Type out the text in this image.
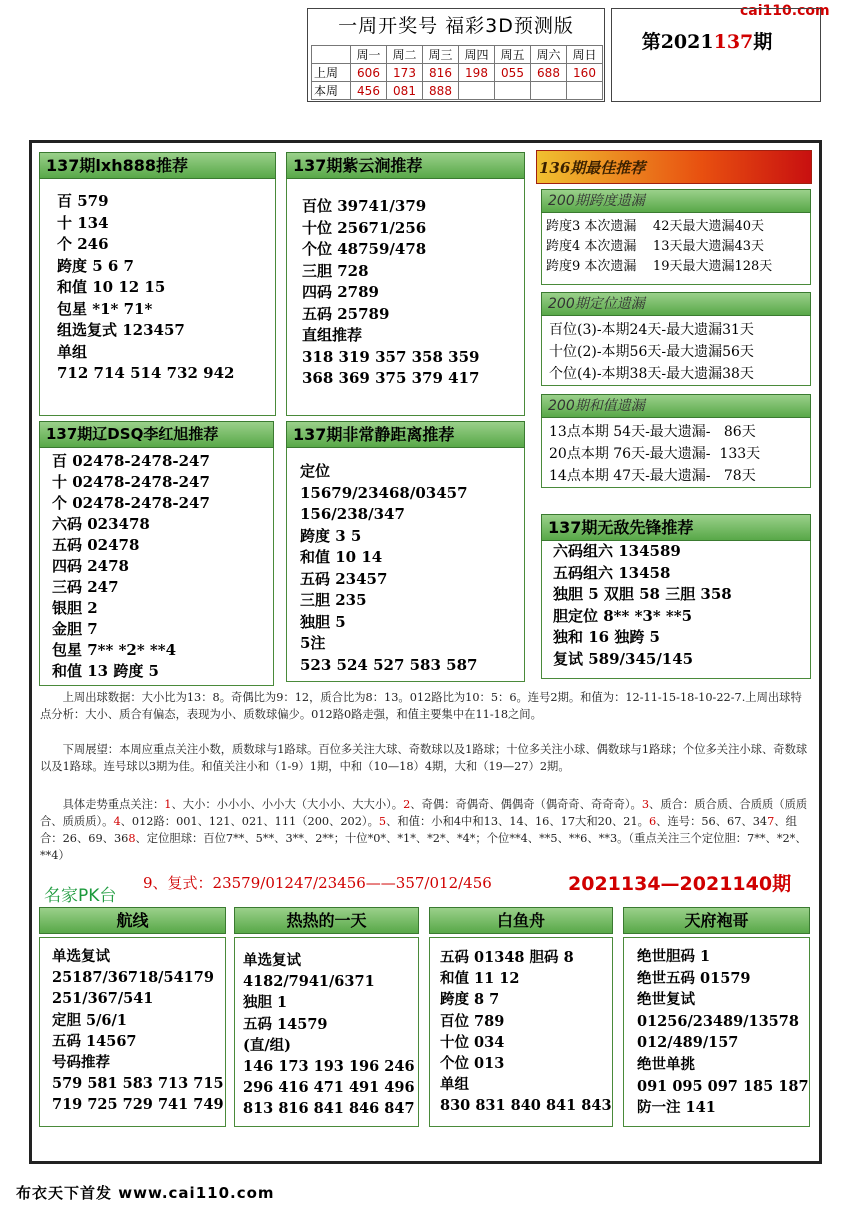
cai110.com
一周开奖号 福彩3D预测版
	周一	周二	周三	周四	周五	周六	周日
上周	606	173	816	198	055	688	160
本周	456	081	888				
第2021137期
137期lxh888推荐
百 579
十 134
个 246
跨度 5 6 7
和值 10 12 15
包星 *1* 71*
组选复式 123457
单组
712 714 514 732 942
137期紫云涧推荐
百位 39741/379
十位 25671/256
个位 48759/478
三胆 728
四码 2789
五码 25789
直组推荐
318 319 357 358 359
368 369 375 379 417
136期最佳推荐
200期跨度遗漏
跨度3 本次遗漏    42天最大遗漏40天
跨度4 本次遗漏    13天最大遗漏43天
跨度9 本次遗漏    19天最大遗漏128天
200期定位遗漏
百位(3)-本期24天-最大遗漏31天
十位(2)-本期56天-最大遗漏56天
个位(4)-本期38天-最大遗漏38天
200期和值遗漏
13点本期 54天-最大遗漏-   86天
20点本期 76天-最大遗漏-  133天
14点本期 47天-最大遗漏-   78天
137期辽DSQ李红旭推荐
百 02478-2478-247
十 02478-2478-247
个 02478-2478-247
六码 023478
五码 02478
四码 2478
三码 247
银胆 2
金胆 7
包星 7** *2* **4
和值 13 跨度 5
137期非常静距离推荐
定位
15679/23468/03457
156/238/347
跨度 3 5
和值 10 14
五码 23457
三胆 235
独胆 5
5注
523 524 527 583 587
137期无敌先锋推荐
六码组六 134589
五码组六 13458
独胆 5 双胆 58 三胆 358
胆定位 8** *3* **5
独和 16 独跨 5
复试 589/345/145
上周出球数据：大小比为13：8。奇偶比为9：12，质合比为8：13。012路比为10：5：6。连号2期。和值为：12-11-15-18-10-22-7.上周出球特点分析：大小、质合有偏态，表现为小、质数球偏少。012路0路走强，和值主要集中在11-18之间。
下周展望：本周应重点关注小数，质数球与1路球。百位多关注大球、奇数球以及1路球；十位多关注小球、偶数球与1路球；个位多关注小球、奇数球以及1路球。连号球以3期为佳。和值关注小和（1-9）1期，中和（10—18）4期，大和（19—27）2期。
具体走势重点关注：1、大小：小小小、小小大（大小小、大大小）。2、奇偶：奇偶奇、偶偶奇（偶奇奇、奇奇奇）。3、质合：质合质、合质质（质质合、质质质）。4、012路：001、121、021、111（200、202）。5、和值：小和4中和13、14、16、17大和20、21。6、连号：56、67、347、组合：26、69、368、定位胆球：百位7**、5**、3**、2**；十位*0*、*1*、*2*、*4*；个位**4、**5、**6、**3。（重点关注三个定位胆：7**、*2*、**4）
名家PK台
9、复式：23579/01247/23456——357/012/456	2021134—2021140期
航线
单选复试
25187/36718/54179
251/367/541
定胆 5/6/1
五码 14567
号码推荐
579 581 583 713 715
719 725 729 741 749
热热的一天
单选复试
4182/7941/6371
独胆 1
五码 14579
(直/组)
146 173 193 196 246
296 416 471 491 496
813 816 841 846 847
白鱼舟
五码 01348 胆码 8
和值 11 12
跨度 8 7
百位 789
十位 034
个位 013
单组
830 831 840 841 843
天府袍哥
绝世胆码 1
绝世五码 01579
绝世复试
01256/23489/13578
012/489/157
绝世单挑
091 095 097 185 187
防一注 141
布衣天下首发 www.cai110.com
